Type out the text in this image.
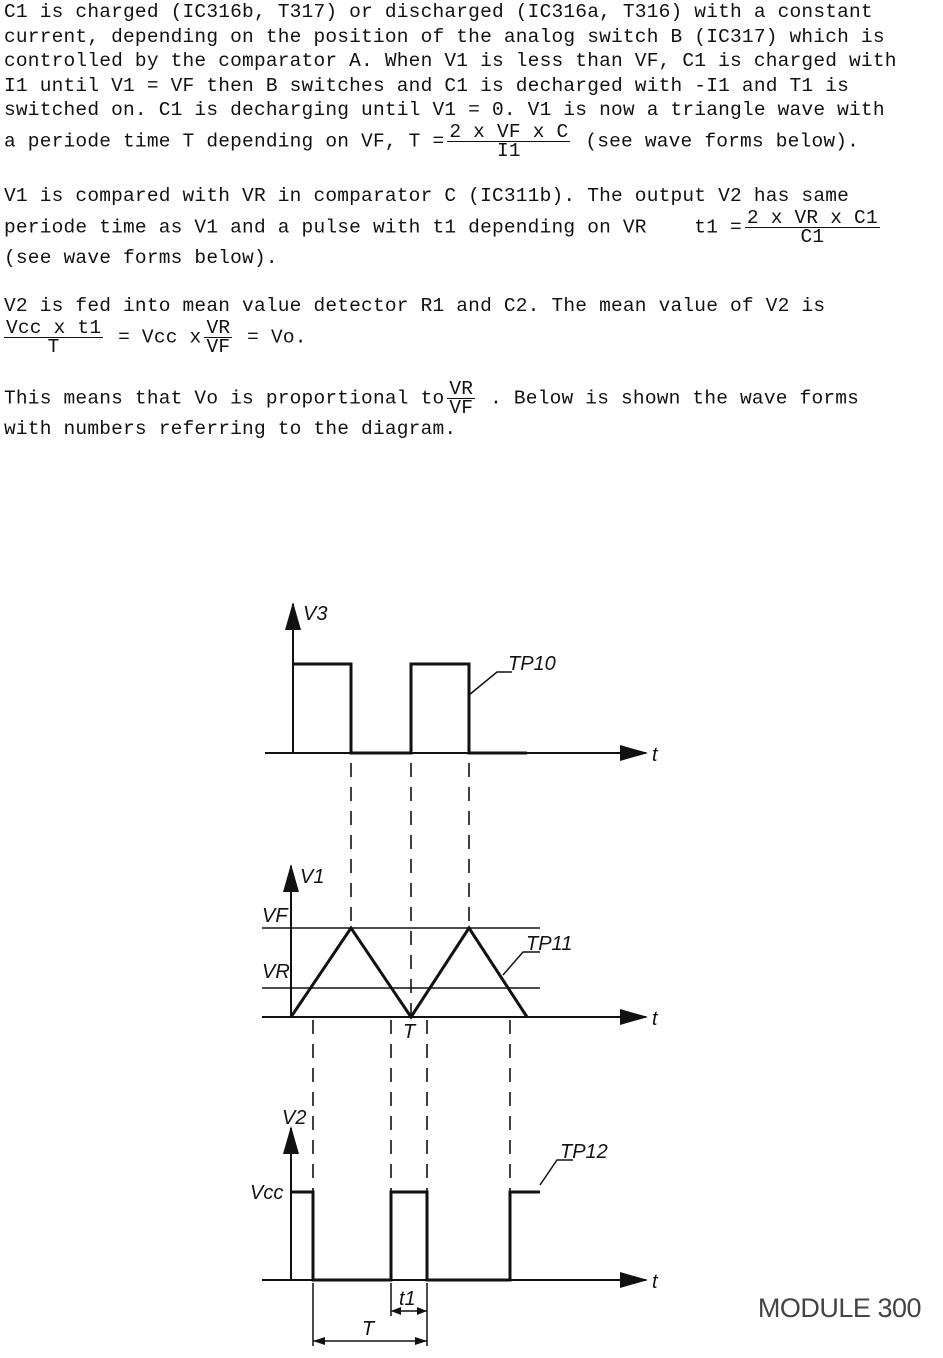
C1 is charged (IC316b, T317) or discharged (IC316a, T316) with a constant
current, depending on the position of the analog switch B (IC317) which is
controlled by the comparator A. When V1 is less than VF, C1 is charged with
I1 until V1 = VF then B switches and C1 is decharged with -I1 and T1 is
switched on. C1 is decharging until V1 = 0. V1 is now a triangle wave with
a periode time T depending on VF, $T = \frac{\text{2 x VF x C}}{I1} (see$ wave forms below).
V1 is compared with VR in comparator C (IC311b). The output V2 has same
periode time as V1 and a pulse with t1 depending on VR    $t1 = \frac{\text{2 x VR x C1}}{C1}$
(see wave forms below).
V2 is fed into mean value detector R1 and C2. The mean value of V2 is
$\frac{\text{Vcc x t1}}{T}$ = Vcc x $\frac{VR}{VF} = Vo$.
This means that Vo is proportional to $\frac{VR}{VF}$ . Below is shown the wave forms
with numbers referring to the diagram.
V3
TP10
t
V1
VF
VR
TP11
T
t
V2
Vcc
TP12
t
t1
T
MODULE 300
